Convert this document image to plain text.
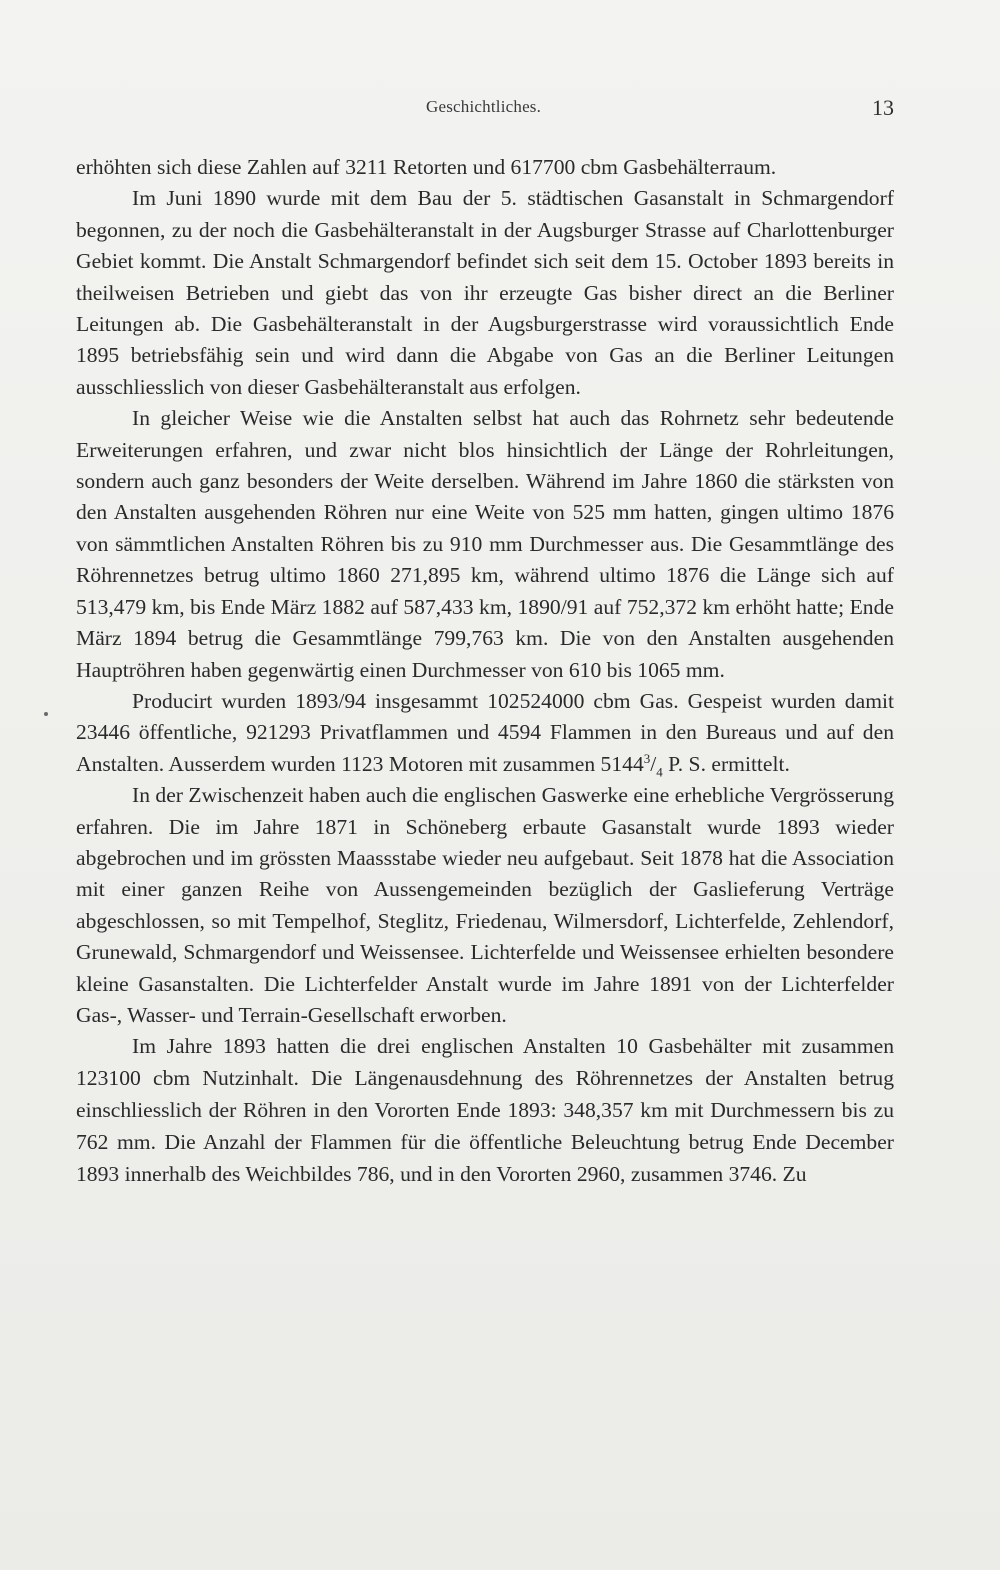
Geschichtliches.	13

erhöhten sich diese Zahlen auf 3211 Retorten und 617700 cbm Gasbehälterraum.

Im Juni 1890 wurde mit dem Bau der 5. städtischen Gasanstalt in Schmargendorf begonnen, zu der noch die Gasbehälteranstalt in der Augsburger Strasse auf Charlottenburger Gebiet kommt. Die Anstalt Schmargendorf befindet sich seit dem 15. October 1893 bereits in theilweisen Betrieben und giebt das von ihr erzeugte Gas bisher direct an die Berliner Leitungen ab. Die Gasbehälteranstalt in der Augsburgerstrasse wird voraussichtlich Ende 1895 betriebsfähig sein und wird dann die Abgabe von Gas an die Berliner Leitungen ausschliesslich von dieser Gasbehälteranstalt aus erfolgen.

In gleicher Weise wie die Anstalten selbst hat auch das Rohrnetz sehr bedeutende Erweiterungen erfahren, und zwar nicht blos hinsichtlich der Länge der Rohrleitungen, sondern auch ganz besonders der Weite derselben. Während im Jahre 1860 die stärksten von den Anstalten ausgehenden Röhren nur eine Weite von 525 mm hatten, gingen ultimo 1876 von sämmtlichen Anstalten Röhren bis zu 910 mm Durchmesser aus. Die Gesammtlänge des Röhrennetzes betrug ultimo 1860 271,895 km, während ultimo 1876 die Länge sich auf 513,479 km, bis Ende März 1882 auf 587,433 km, 1890/91 auf 752,372 km erhöht hatte; Ende März 1894 betrug die Gesammtlänge 799,763 km. Die von den Anstalten ausgehenden Hauptröhren haben gegenwärtig einen Durchmesser von 610 bis 1065 mm.

Producirt wurden 1893/94 insgesammt 102524000 cbm Gas. Gespeist wurden damit 23446 öffentliche, 921293 Privatflammen und 4594 Flammen in den Bureaus und auf den Anstalten. Ausserdem wurden 1123 Motoren mit zusammen $5144^3/_4$ P. S. ermittelt.

In der Zwischenzeit haben auch die englischen Gaswerke eine erhebliche Vergrösserung erfahren. Die im Jahre 1871 in Schöneberg erbaute Gasanstalt wurde 1893 wieder abgebrochen und im grössten Maassstabe wieder neu aufgebaut. Seit 1878 hat die Association mit einer ganzen Reihe von Aussengemeinden bezüglich der Gaslieferung Verträge abgeschlossen, so mit Tempelhof, Steglitz, Friedenau, Wilmersdorf, Lichterfelde, Zehlendorf, Grunewald, Schmargendorf und Weissensee. Lichterfelde und Weissensee erhielten besondere kleine Gasanstalten. Die Lichterfelder Anstalt wurde im Jahre 1891 von der Lichterfelder Gas-, Wasser- und Terrain-Gesellschaft erworben.

Im Jahre 1893 hatten die drei englischen Anstalten 10 Gasbehälter mit zusammen 123100 cbm Nutzinhalt. Die Längenausdehnung des Röhrennetzes der Anstalten betrug einschliesslich der Röhren in den Vororten Ende 1893: 348,357 km mit Durchmessern bis zu 762 mm. Die Anzahl der Flammen für die öffentliche Beleuchtung betrug Ende December 1893 innerhalb des Weichbildes 786, und in den Vororten 2960, zusammen 3746. Zu
